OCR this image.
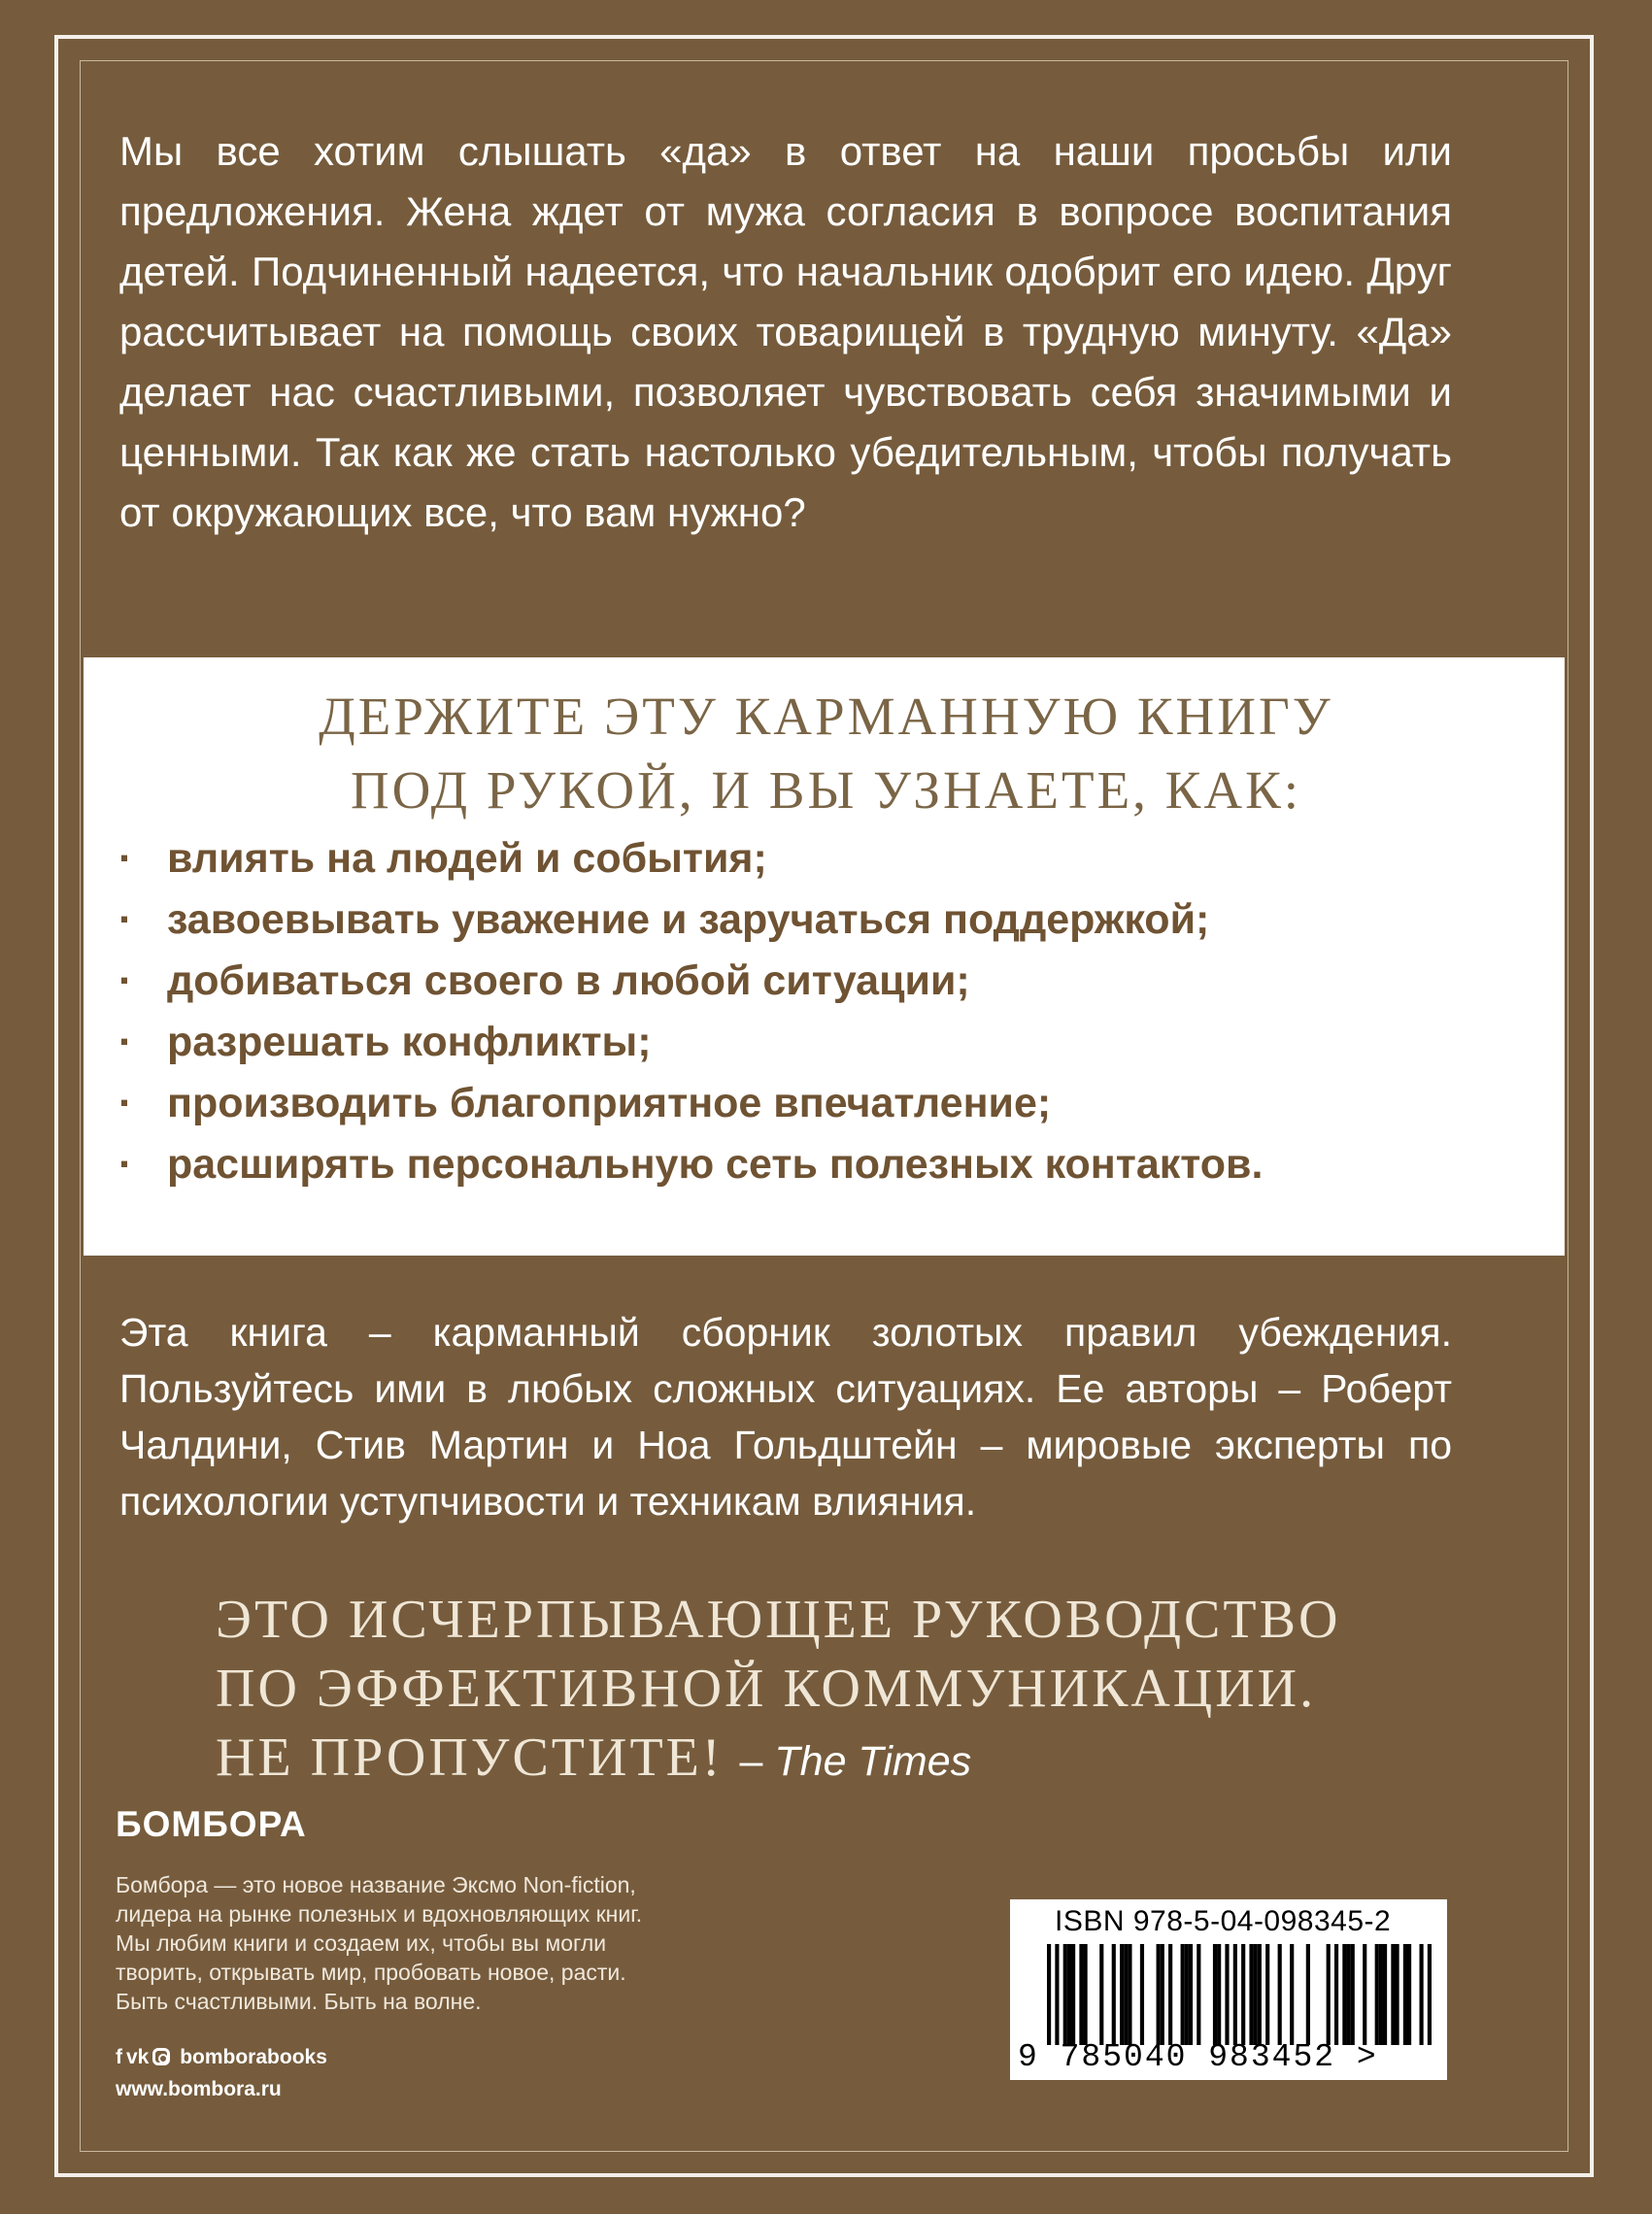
Мы все хотим слышать «да» в ответ на наши просьбы или предложения. Жена ждет от мужа согласия в вопросе воспитания детей. Подчиненный надеется, что начальник одобрит его идею. Друг рассчитывает на помощь своих товарищей в трудную минуту. «Да» делает нас счастливыми, позволяет чувствовать себя значимыми и ценными. Так как же стать настолько убедительным, чтобы получать от окружающих все, что вам нужно?
ДЕРЖИТЕ ЭТУ КАРМАННУЮ КНИГУ
ПОД РУКОЙ, И ВЫ УЗНАЕТЕ, КАК:
· влиять на людей и события;
· завоевывать уважение и заручаться поддержкой;
· добиваться своего в любой ситуации;
· разрешать конфликты;
· производить благоприятное впечатление;
· расширять персональную сеть полезных контактов.
Эта книга – карманный сборник золотых правил убеждения. Пользуйтесь ими в любых сложных ситуациях. Ее авторы – Роберт Чалдини, Стив Мартин и Ноа Гольдштейн – мировые эксперты по психологии уступчивости и техникам влияния.
ЭТО ИСЧЕРПЫВАЮЩЕЕ РУКОВОДСТВО
ПО ЭФФЕКТИВНОЙ КОММУНИКАЦИИ.
НЕ ПРОПУСТИТЕ! – The Times
БОМБОРА
Бомбора — это новое название Эксмо Non-fiction,
лидера на рынке полезных и вдохновляющих книг.
Мы любим книги и создаем их, чтобы вы могли
творить, открывать мир, пробовать новое, расти.
Быть счастливыми. Быть на волне.
f vk bomborabooks
www.bombora.ru
ISBN 978-5-04-098345-2
9 785040 983452 >
